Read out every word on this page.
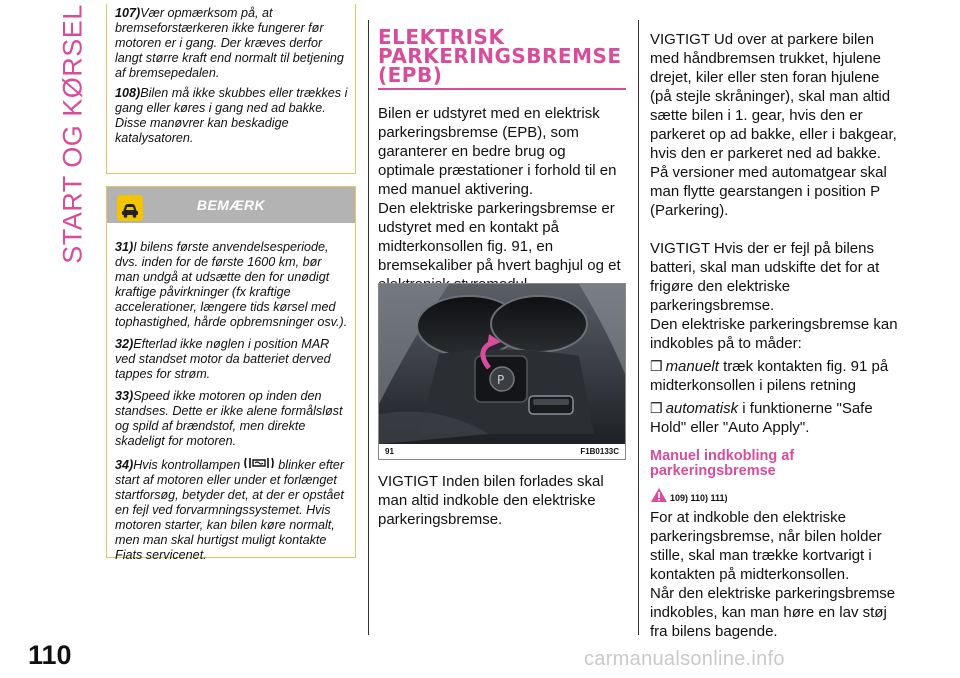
START OG KØRSEL
110	carmanualsonline.info

107)Vær opmærksom på, at bremseforstærkeren ikke fungerer før motoren er i gang. Der kræves derfor langt større kraft end normalt til betjening af bremsepedalen.

108)Bilen må ikke skubbes eller trækkes i gang eller køres i gang ned ad bakke. Disse manøvrer kan beskadige katalysatoren.

BEMÆRK

31)I bilens første anvendelsesperiode, dvs. inden for de første 1600 km, bør man undgå at udsætte den for unødigt kraftige påvirkninger (fx kraftige accelerationer, længere tids kørsel med tophastighed, hårde opbremsninger osv.).

32)Efterlad ikke nøglen i position MAR ved standset motor da batteriet derved tappes for strøm.

33)Speed ikke motoren op inden den standses. Dette er ikke alene formålsløst og spild af brændstof, men direkte skadeligt for motoren.

34)Hvis kontrollampen	blinker efter start af motoren eller under et forlænget startforsøg, betyder det, at der er opstået en fejl ved forvarmningssystemet. Hvis motoren starter, kan bilen køre normalt, men man skal hurtigst muligt kontakte Fiats servicenet.

ELEKTRISK
PARKERINGSBREMSE
(EPB)

Bilen er udstyret med en elektrisk parkeringsbremse (EPB), som garanterer en bedre brug og optimale præstationer i forhold til en med manuel aktivering.

Den elektriske parkeringsbremse er udstyret med en kontakt på midterkonsollen fig. 91, en bremsekaliber på hvert baghjul og et

P
91	F1B0133C

VIGTIGT Inden bilen forlades skal man altid indkoble den elektriske parkeringsbremse.

VIGTIGT Ud over at parkere bilen med håndbremsen trukket, hjulene drejet, kiler eller sten foran hjulene (på stejle skråninger), skal man altid sætte bilen i 1. gear, hvis den er parkeret op ad bakke, eller i bakgear, hvis den er parkeret ned ad bakke. På versioner med automatgear skal man flytte gearstangen i position P (Parkering).

VIGTIGT Hvis der er fejl på bilens batteri, skal man udskifte det for at frigøre den elektriske parkeringsbremse.

Den elektriske parkeringsbremse kan indkobles på to måder:

❒ manuelt træk kontakten fig. 91 på midterkonsollen i pilens retning

❒ automatisk i funktionerne "Safe Hold" eller "Auto Apply".

Manuel indkobling af
parkeringsbremse
109) 110) 111)

For at indkoble den elektriske parkeringsbremse, når bilen holder stille, skal man trække kortvarigt i kontakten på midterkonsollen.

Når den elektriske parkeringsbremse indkobles, kan man høre en lav støj fra bilens bagende.
